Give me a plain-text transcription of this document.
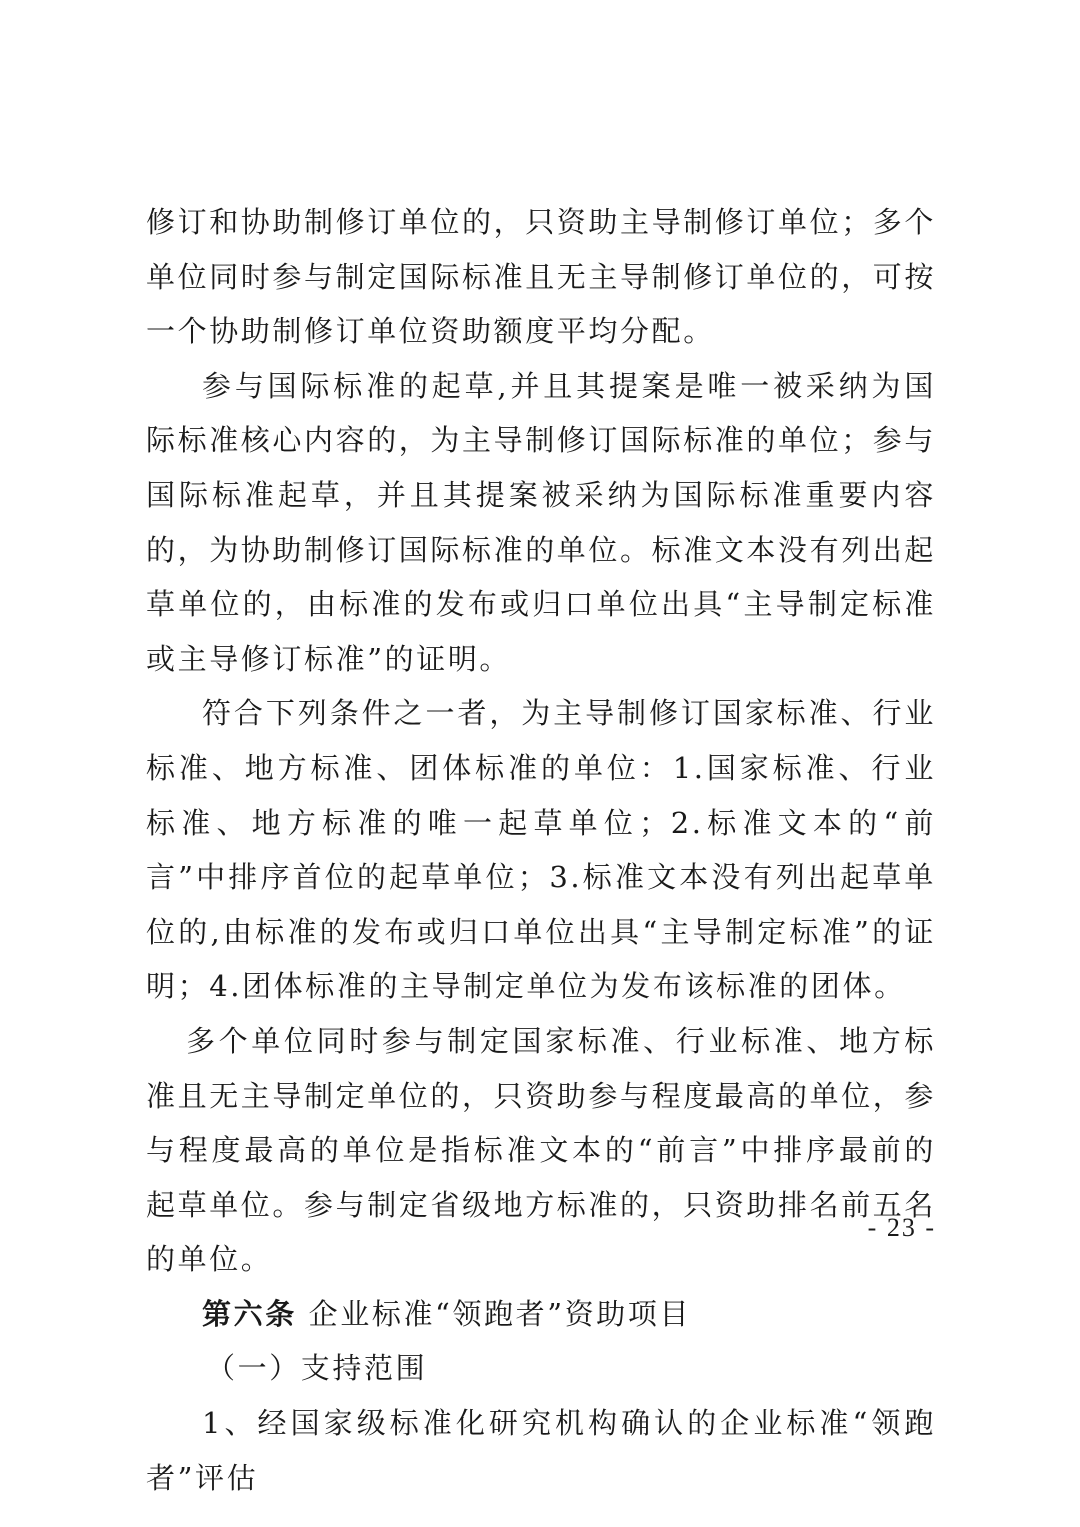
修订和协助制修订单位的，只资助主导制修订单位；多个单位同时参与制定国际标准且无主导制修订单位的，可按一个协助制修订单位资助额度平均分配。

参与国际标准的起草,并且其提案是唯一被采纳为国际标准核心内容的，为主导制修订国际标准的单位；参与国际标准起草，并且其提案被采纳为国际标准重要内容的，为协助制修订国际标准的单位。标准文本没有列出起草单位的，由标准的发布或归口单位出具“主导制定标准或主导修订标准”的证明。

符合下列条件之一者，为主导制修订国家标准、行业标准、地方标准、团体标准的单位：1.国家标准、行业标准、地方标准的唯一起草单位；2.标准文本的“前言”中排序首位的起草单位；3.标准文本没有列出起草单位的,由标准的发布或归口单位出具“主导制定标准”的证明；4.团体标准的主导制定单位为发布该标准的团体。

多个单位同时参与制定国家标准、行业标准、地方标准且无主导制定单位的，只资助参与程度最高的单位，参与程度最高的单位是指标准文本的“前言”中排序最前的起草单位。参与制定省级地方标准的，只资助排名前五名的单位。

第六条 企业标准“领跑者”资助项目

（一）支持范围

1、经国家级标准化研究机构确认的企业标准“领跑者”评估

- 23 -
